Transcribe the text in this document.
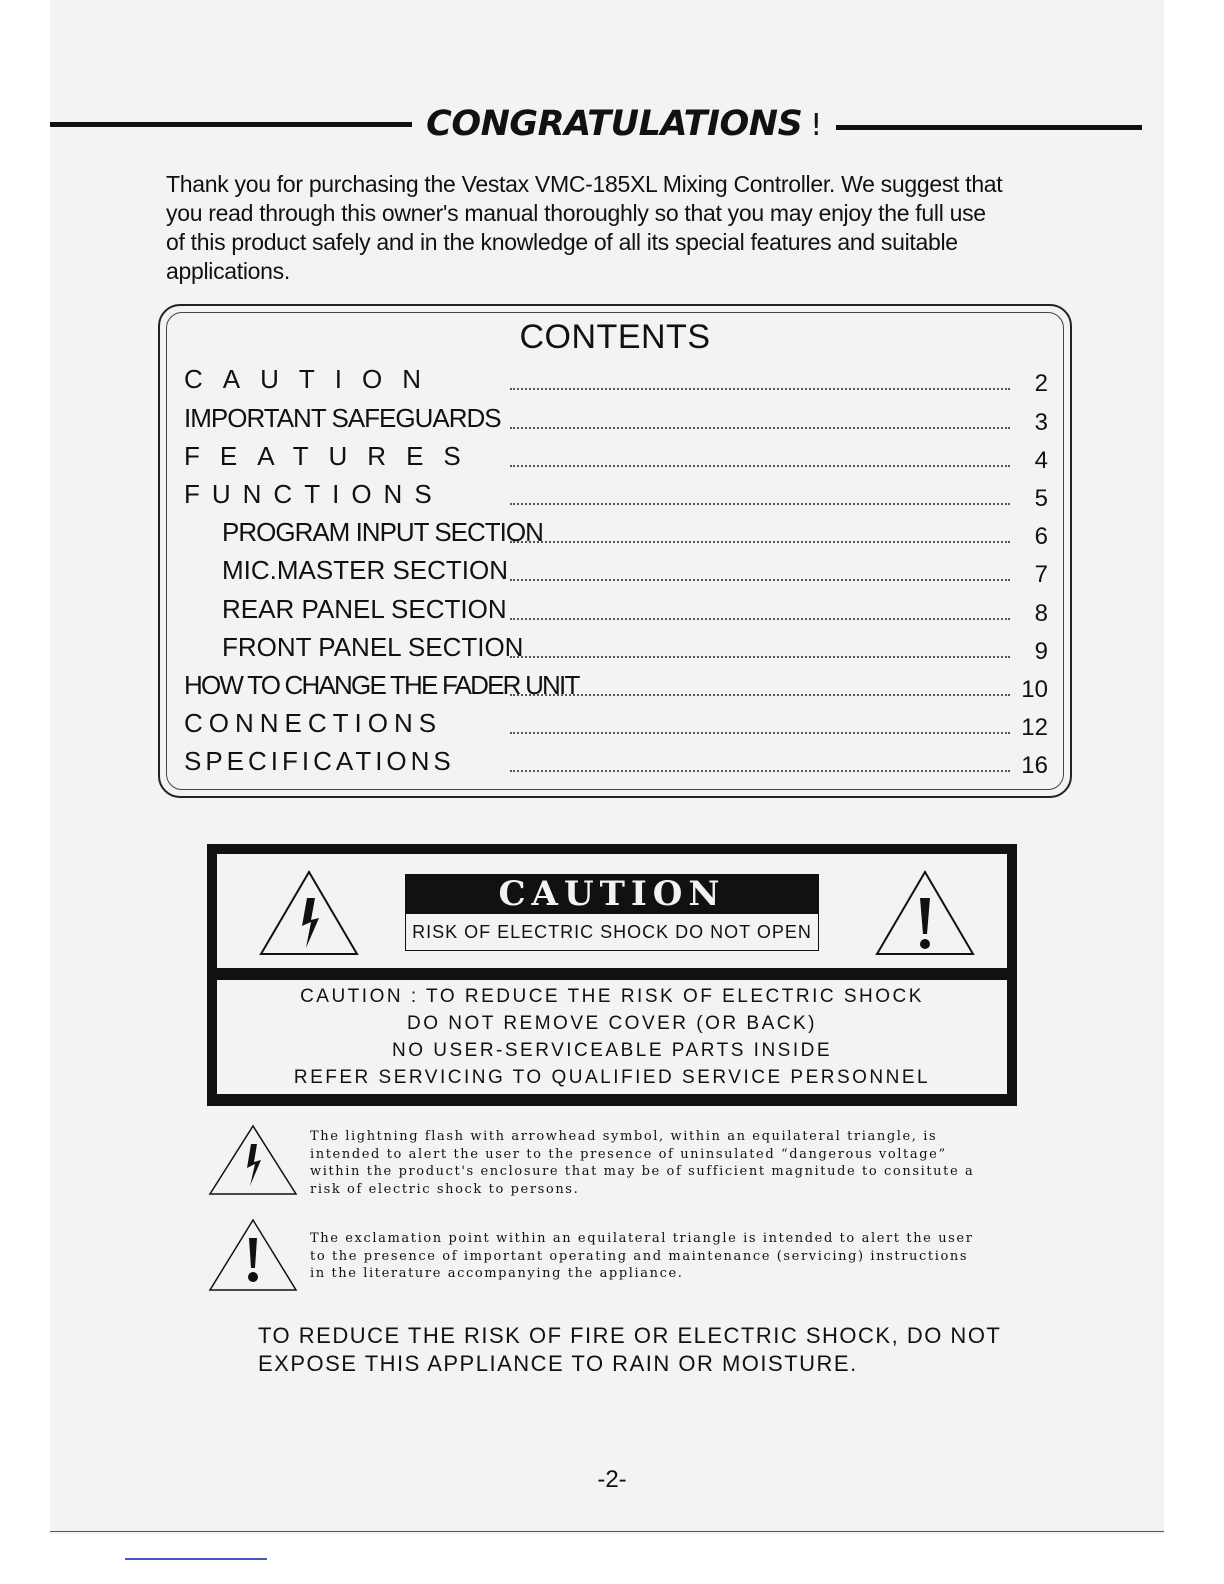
CONGRATULATIONS !
Thank you for purchasing the Vestax VMC-185XL Mixing Controller. We suggest that
you read through this owner's manual thoroughly so that you may enjoy the full use
of this product safely and in the knowledge of all its special features and suitable
applications.
CONTENTS
CAUTION	2
IMPORTANT SAFEGUARDS	3
FEATURES	4
FUNCTIONS	5
PROGRAM INPUT SECTION	6
MIC.MASTER SECTION	7
REAR PANEL SECTION	8
FRONT PANEL SECTION	9
HOW TO CHANGE THE FADER UNIT	10
CONNECTIONS	12
SPECIFICATIONS	16
CAUTION
RISK OF ELECTRIC SHOCK DO NOT OPEN
CAUTION : TO REDUCE THE RISK OF ELECTRIC SHOCK
DO NOT REMOVE COVER (OR BACK)
NO USER-SERVICEABLE PARTS INSIDE
REFER SERVICING TO QUALIFIED SERVICE PERSONNEL
The lightning flash with arrowhead symbol, within an equilateral triangle, is
intended to alert the user to the presence of uninsulated “dangerous voltage”
within the product's enclosure that may be of sufficient magnitude to consitute a
risk of electric shock to persons.
The exclamation point within an equilateral triangle is intended to alert the user
to the presence of important operating and maintenance (servicing) instructions
in the literature accompanying the appliance.
TO REDUCE THE RISK OF FIRE OR ELECTRIC SHOCK, DO NOT
EXPOSE THIS APPLIANCE TO RAIN OR MOISTURE.
-2-
